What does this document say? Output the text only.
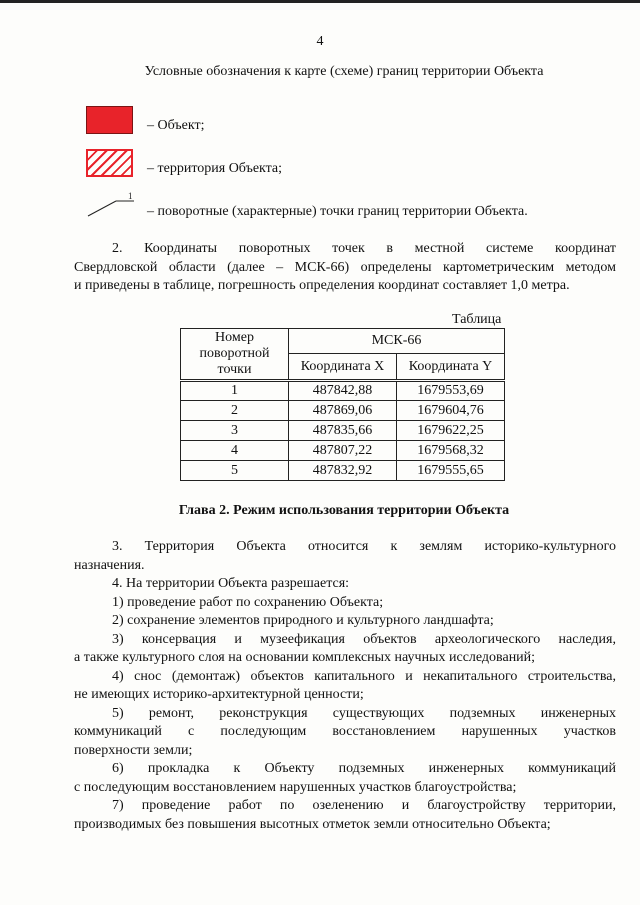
4
Условные обозначения к карте (схеме) границ территории Объекта
– Объект;
– территория Объекта;
1
– поворотные (характерные) точки границ территории Объекта.
2. Координаты поворотных точек в местной системе координат
Свердловской области (далее – МСК-66) определены картометрическим методом
и приведены в таблице, погрешность определения координат составляет 1,0 метра.
Таблица
Номер поворотной точки	МСК-66	
	Координата X	Координата Y
1	487842,88	1679553,69
2	487869,06	1679604,76
3	487835,66	1679622,25
4	487807,22	1679568,32
5	487832,92	1679555,65
Глава 2. Режим использования территории Объекта
3. Территория Объекта относится к землям историко-культурного
назначения.
4. На территории Объекта разрешается:
1) проведение работ по сохранению Объекта;
2) сохранение элементов природного и культурного ландшафта;
3) консервация и музеефикация объектов археологического наследия,
а также культурного слоя на основании комплексных научных исследований;
4) снос (демонтаж) объектов капитального и некапитального строительства,
не имеющих историко-архитектурной ценности;
5) ремонт, реконструкция существующих подземных инженерных
коммуникаций с последующим восстановлением нарушенных участков
поверхности земли;
6) прокладка к Объекту подземных инженерных коммуникаций
с последующим восстановлением нарушенных участков благоустройства;
7) проведение работ по озеленению и благоустройству территории,
производимых без повышения высотных отметок земли относительно Объекта;
